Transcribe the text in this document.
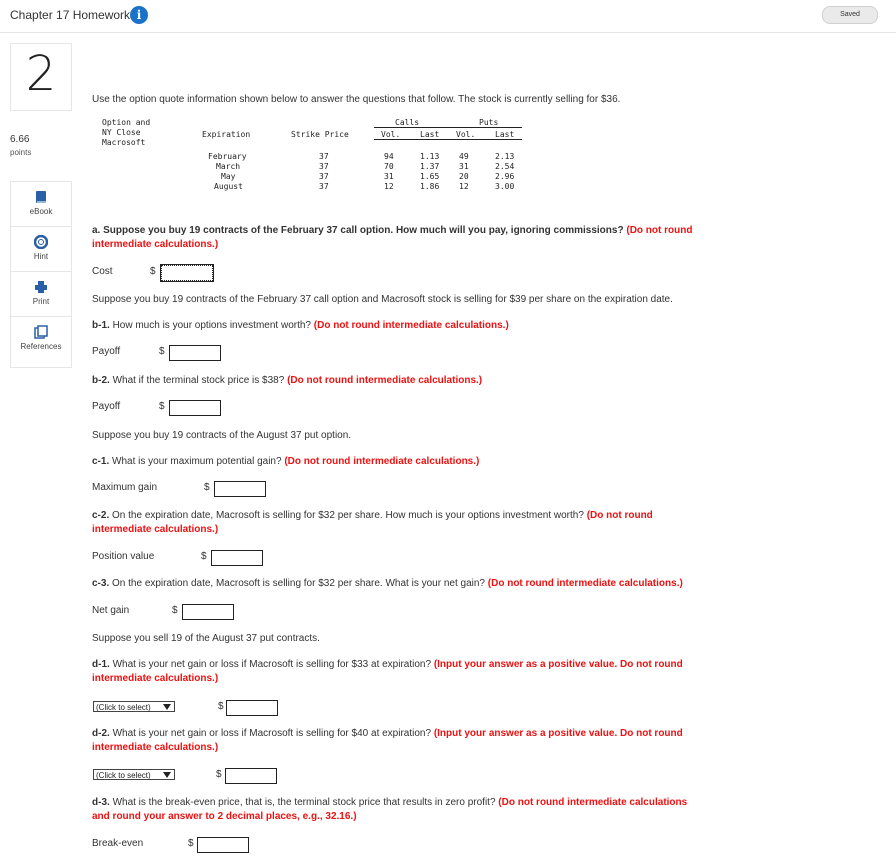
Chapter 17 Homework i	Saved
2
6.66
points
eBook
Hint
Print
References
Use the option quote information shown below to answer the questions that follow. The stock is currently selling for $36.
Option and
NY Close
Macrosoft
Expiration	Strike Price
Calls	Puts
Vol. Last Vol. Last
February	37	94	1.13 49	2.13
March	37	70	1.37 31	2.54
May	37	31	1.65 20	2.96
August	37	12	1.86 12	3.00
a. Suppose you buy 19 contracts of the February 37 call option. How much will you pay, ignoring commissions? (Do not round
intermediate calculations.)
Cost	$
Suppose you buy 19 contracts of the February 37 call option and Macrosoft stock is selling for $39 per share on the expiration date.
b-1. How much is your options investment worth? (Do not round intermediate calculations.)
Payoff	$
b-2. What if the terminal stock price is $38? (Do not round intermediate calculations.)
Payoff	$
Suppose you buy 19 contracts of the August 37 put option.
c-1. What is your maximum potential gain? (Do not round intermediate calculations.)
Maximum gain	$
c-2. On the expiration date, Macrosoft is selling for $32 per share. How much is your options investment worth? (Do not round
intermediate calculations.)
Position value	$
c-3. On the expiration date, Macrosoft is selling for $32 per share. What is your net gain? (Do not round intermediate calculations.)
Net gain	$
Suppose you sell 19 of the August 37 put contracts.
d-1. What is your net gain or loss if Macrosoft is selling for $33 at expiration? (Input your answer as a positive value. Do not round
intermediate calculations.)
(Click to select)	$
d-2. What is your net gain or loss if Macrosoft is selling for $40 at expiration? (Input your answer as a positive value. Do not round
intermediate calculations.)
(Click to select)	$
d-3. What is the break-even price, that is, the terminal stock price that results in zero profit? (Do not round intermediate calculations
and round your answer to 2 decimal places, e.g., 32.16.)
Break-even	$
